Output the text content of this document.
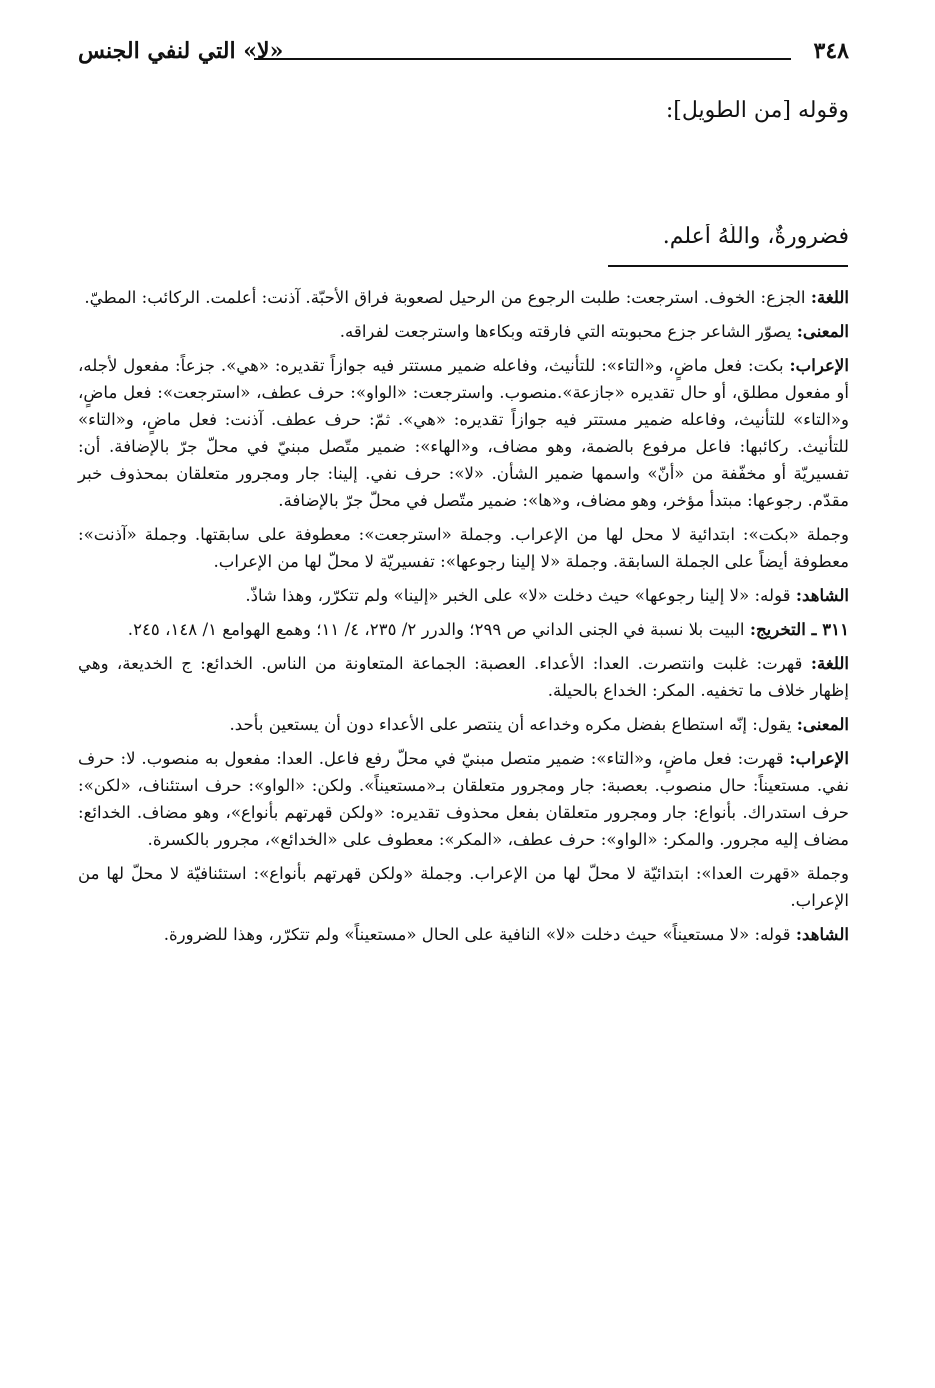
٣٤٨
«لا» التي لنفي الجنس
وقوله [من الطويل]:
فضرورةٌ، واللَّهُ أعلم.

اللغة: الجزع: الخوف. استرجعت: طلبت الرجوع من الرحيل لصعوبة فراق الأحبّة. آذنت: أعلمت. الركائب: المطيّ.

المعنى: يصوّر الشاعر جزع محبوبته التي فارقته وبكاءها واسترجعت لفراقه.

الإعراب: بكت: فعل ماضٍ، و«التاء»: للتأنيث، وفاعله ضمير مستتر فيه جوازاً تقديره: «هي». جزعاً: مفعول لأجله، أو مفعول مطلق، أو حال تقديره «جازعة».منصوب. واسترجعت: «الواو»: حرف عطف، «استرجعت»: فعل ماضٍ، و«التاء» للتأنيث، وفاعله ضمير مستتر فيه جوازاً تقديره: «هي». ثمّ: حرف عطف. آذنت: فعل ماضٍ، و«التاء» للتأنيث. ركائبها: فاعل مرفوع بالضمة، وهو مضاف، و«الهاء»: ضمير متّصل مبنيّ في محلّ جرّ بالإضافة. أن: تفسيريّة أو مخفّفة من «أنّ» واسمها ضمير الشأن. «لا»: حرف نفي. إلينا: جار ومجرور متعلقان بمحذوف خبر مقدّم. رجوعها: مبتدأ مؤخر، وهو مضاف، و«ها»: ضمير متّصل في محلّ جرّ بالإضافة.

وجملة «بكت»: ابتدائية لا محل لها من الإعراب. وجملة «استرجعت»: معطوفة على سابقتها. وجملة «آذنت»: معطوفة أيضاً على الجملة السابقة. وجملة «لا إلينا رجوعها»: تفسيريّة لا محلّ لها من الإعراب.

الشاهد: قوله: «لا إلينا رجوعها» حيث دخلت «لا» على الخبر «إلينا» ولم تتكرّر، وهذا شاذّ.

٣١١ ـ التخريج: البيت بلا نسبة في الجنى الداني ص ٢٩٩؛ والدرر ٢/ ٢٣٥، ٤/ ١١؛ وهمع الهوامع ١/ ١٤٨، ٢٤٥.

اللغة: قهرت: غلبت وانتصرت. العدا: الأعداء. العصبة: الجماعة المتعاونة من الناس. الخدائع: ج الخديعة، وهي إظهار خلاف ما تخفيه. المكر: الخداع بالحيلة.

المعنى: يقول: إنّه استطاع بفضل مكره وخداعه أن ينتصر على الأعداء دون أن يستعين بأحد.

الإعراب: قهرت: فعل ماضٍ، و«التاء»: ضمير متصل مبنيّ في محلّ رفع فاعل. العدا: مفعول به منصوب. لا: حرف نفي. مستعيناً: حال منصوب. بعصبة: جار ومجرور متعلقان بـ«مستعيناً». ولكن: «الواو»: حرف استئناف، «لكن»: حرف استدراك. بأنواع: جار ومجرور متعلقان بفعل محذوف تقديره: «ولكن قهرتهم بأنواع»، وهو مضاف. الخدائع: مضاف إليه مجرور. والمكر: «الواو»: حرف عطف، «المكر»: معطوف على «الخدائع»، مجرور بالكسرة.

وجملة «قهرت العدا»: ابتدائيّة لا محلّ لها من الإعراب. وجملة «ولكن قهرتهم بأنواع»: استئنافيّة لا محلّ لها من الإعراب.

الشاهد: قوله: «لا مستعيناً» حيث دخلت «لا» النافية على الحال «مستعيناً» ولم تتكرّر، وهذا للضرورة.
